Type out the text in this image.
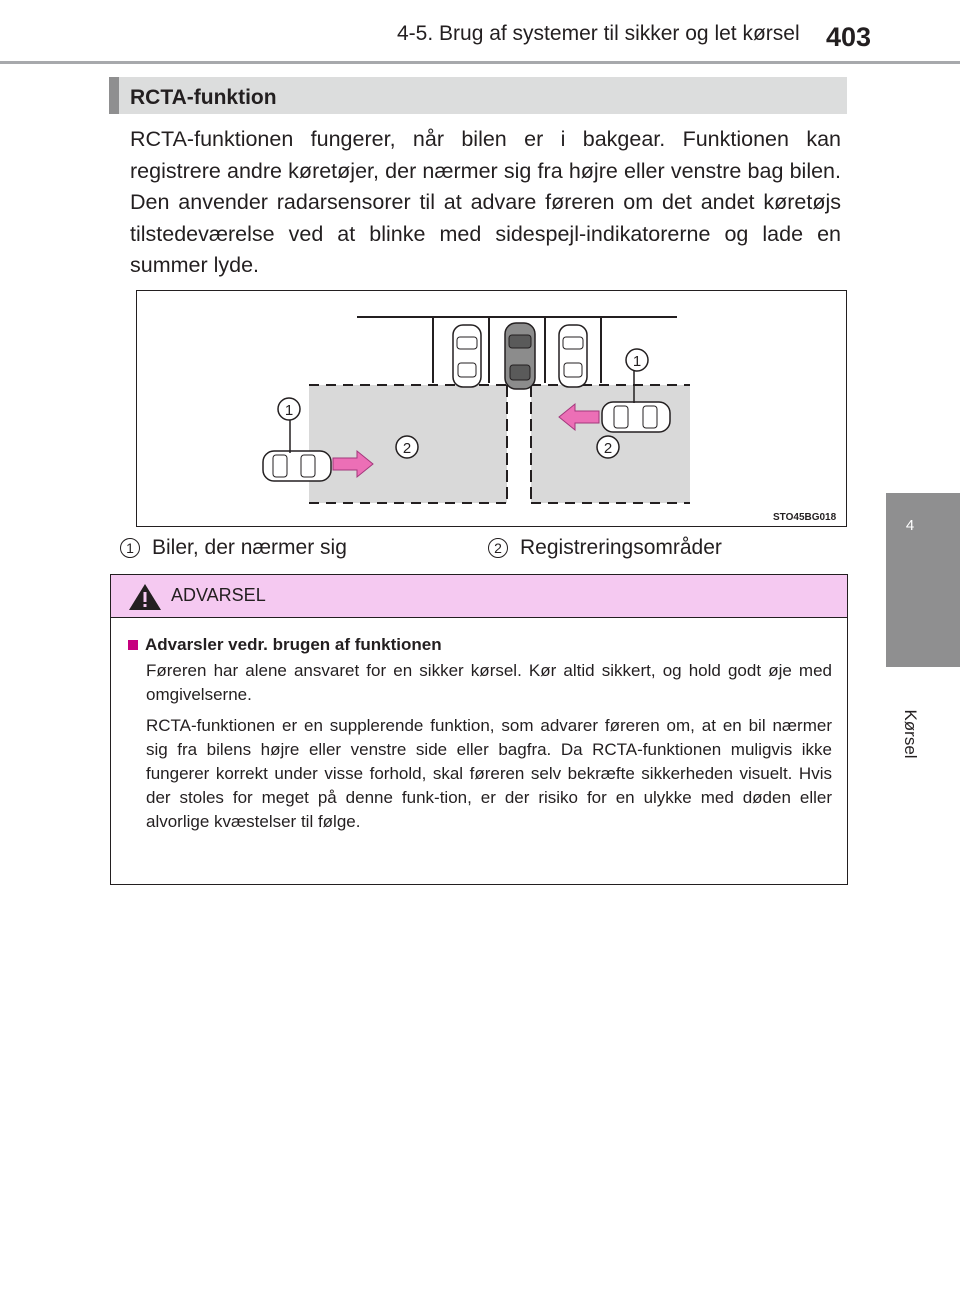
4-5. Brug af systemer til sikker og let kørsel 403
4
Kørsel
RCTA-funktion
RCTA-funktionen fungerer, når bilen er i bakgear. Funktionen kan registrere andre køretøjer, der nærmer sig fra højre eller venstre bag bilen. Den anvender radarsensorer til at advare føreren om det andet køretøjs tilstedeværelse ved at blinke med sidespejl-indikatorerne og lade en summer lyde.
1
1
2	2
STO45BG018
1 Biler, der nærmer sig	2 Registreringsområder
ADVARSEL
Advarsler vedr. brugen af funktionen
Føreren har alene ansvaret for en sikker kørsel. Kør altid sikkert, og hold godt øje med omgivelserne.
RCTA-funktionen er en supplerende funktion, som advarer føreren om, at en bil nærmer sig fra bilens højre eller venstre side eller bagfra. Da RCTA-funktionen muligvis ikke fungerer korrekt under visse forhold, skal føreren selv bekræfte sikkerheden visuelt. Hvis der stoles for meget på denne funk-tion, er der risiko for en ulykke med døden eller alvorlige kvæstelser til følge.
